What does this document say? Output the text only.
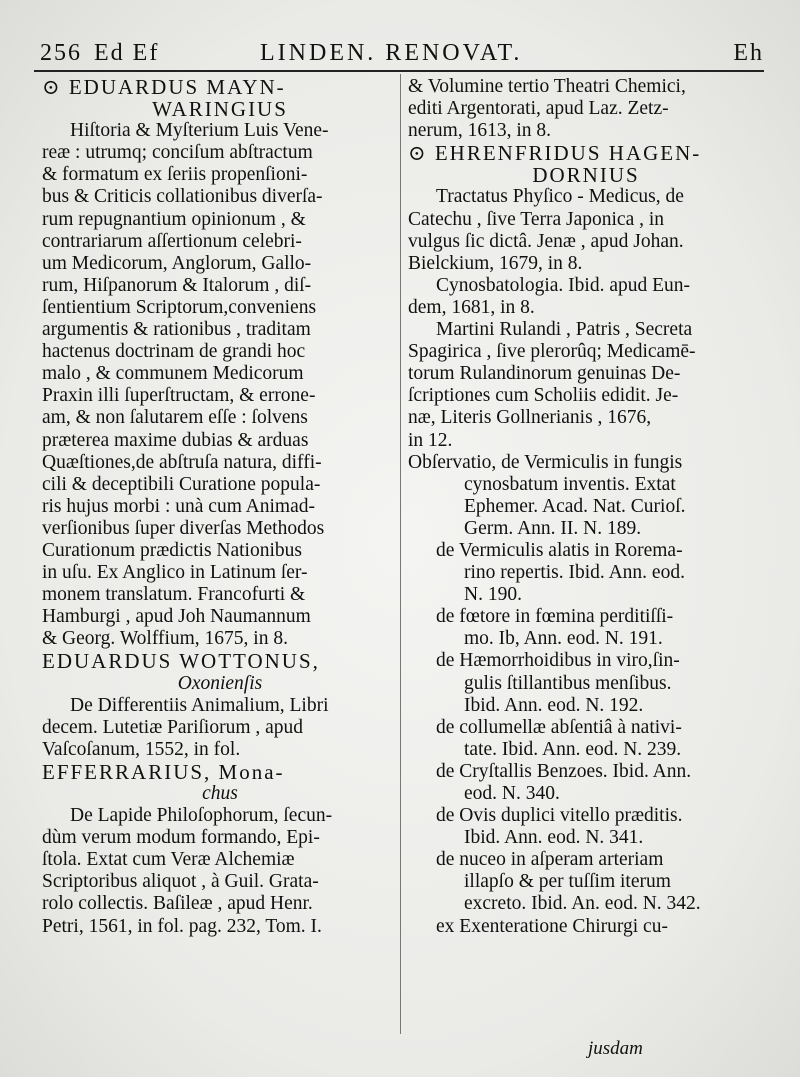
256 Ed Ef	LINDEN. RENOVAT.	Eh
⊙ EDUARDUS MAYN-
WARINGIUS
Hiſtoria & Myſterium Luis Vene-
reæ : utrumq; conciſum abſtractum
& formatum ex ſeriis propenſioni-
bus & Criticis collationibus diverſa-
rum repugnantium opinionum , &
contrariarum aſſertionum celebri-
um Medicorum, Anglorum, Gallo-
rum, Hiſpanorum & Italorum , diſ-
ſentientium Scriptorum,conveniens
argumentis & rationibus , traditam
hactenus doctrinam de grandi hoc
malo , & communem Medicorum
Praxin illi ſuperſtructam, & errone-
am, & non ſalutarem eſſe : ſolvens
præterea maxime dubias & arduas
Quæſtiones,de abſtruſa natura, diffi-
cili & deceptibili Curatione popula-
ris hujus morbi : unà cum Animad-
verſionibus ſuper diverſas Methodos
Curationum prædictis Nationibus
in uſu. Ex Anglico in Latinum ſer-
monem translatum. Francofurti &
Hamburgi , apud Joh Naumannum
& Georg. Wolffium, 1675, in 8.
EDUARDUS WOTTONUS,
Oxonienſis
De Differentiis Animalium, Libri
decem. Lutetiæ Pariſiorum , apud
Vaſcoſanum, 1552, in fol.
EFFERRARIUS, Mona-
chus
De Lapide Philoſophorum, ſecun-
dùm verum modum formando, Epi-
ſtola. Extat cum Veræ Alchemiæ
Scriptoribus aliquot , à Guil. Grata-
rolo collectis. Baſileæ , apud Henr.
Petri, 1561, in fol. pag. 232, Tom. I.
& Volumine tertio Theatri Chemici,
editi Argentorati, apud Laz. Zetz-
nerum, 1613, in 8.
⊙ EHRENFRIDUS HAGEN-
DORNIUS
Tractatus Phyſico - Medicus, de
Catechu , ſive Terra Japonica , in
vulgus ſic dictâ. Jenæ , apud Johan.
Bielckium, 1679, in 8.
Cynosbatologia. Ibid. apud Eun-
dem, 1681, in 8.
Martini Rulandi , Patris , Secreta
Spagirica , ſive plerorûq; Medicamē-
torum Rulandinorum genuinas De-
ſcriptiones cum Scholiis edidit. Je-
næ, Literis Gollnerianis , 1676,
in 12.
Obſervatio, de Vermiculis in fungis
cynosbatum inventis. Extat
Ephemer. Acad. Nat. Curioſ.
Germ. Ann. II. N. 189.
de Vermiculis alatis in Rorema-
rino repertis. Ibid. Ann. eod.
N. 190.
de fœtore in fœmina perditiſſi-
mo. Ib, Ann. eod. N. 191.
de Hæmorrhoidibus in viro,ſin-
gulis ſtillantibus menſibus.
Ibid. Ann. eod. N. 192.
de collumellæ abſentiâ à nativi-
tate. Ibid. Ann. eod. N. 239.
de Cryſtallis Benzoes. Ibid. Ann.
eod. N. 340.
de Ovis duplici vitello præditis.
Ibid. Ann. eod. N. 341.
de nuceo in aſperam arteriam
illapſo & per tuſſim iterum
excreto. Ibid. An. eod. N. 342.
ex Exenteratione Chirurgi cu-
jusdam
